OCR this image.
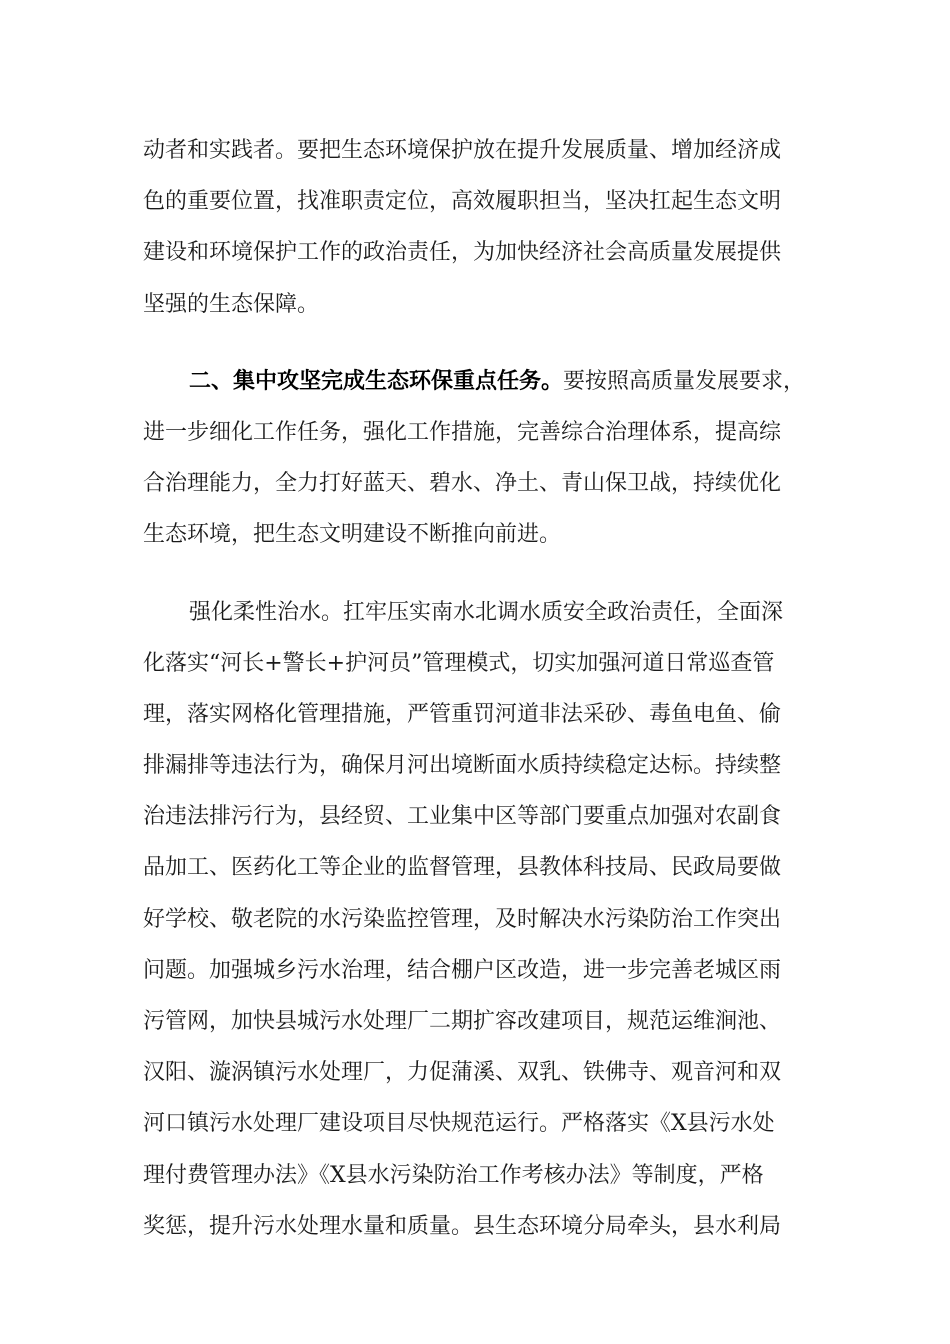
动者和实践者。要把生态环境保护放在提升发展质量、增加经济成
色的重要位置，找准职责定位，高效履职担当，坚决扛起生态文明
建设和环境保护工作的政治责任，为加快经济社会高质量发展提供
坚强的生态保障。
二、集中攻坚完成生态环保重点任务。要按照高质量发展要求，
进一步细化工作任务，强化工作措施，完善综合治理体系，提高综
合治理能力，全力打好蓝天、碧水、净土、青山保卫战，持续优化
生态环境，把生态文明建设不断推向前进。
强化柔性治水。扛牢压实南水北调水质安全政治责任，全面深
化落实“河长+警长+护河员”管理模式，切实加强河道日常巡查管
理，落实网格化管理措施，严管重罚河道非法采砂、毒鱼电鱼、偷
排漏排等违法行为，确保月河出境断面水质持续稳定达标。持续整
治违法排污行为，县经贸、工业集中区等部门要重点加强对农副食
品加工、医药化工等企业的监督管理，县教体科技局、民政局要做
好学校、敬老院的水污染监控管理，及时解决水污染防治工作突出
问题。加强城乡污水治理，结合棚户区改造，进一步完善老城区雨
污管网，加快县城污水处理厂二期扩容改建项目，规范运维涧池、
汉阳、漩涡镇污水处理厂，力促蒲溪、双乳、铁佛寺、观音河和双
河口镇污水处理厂建设项目尽快规范运行。严格落实《X县污水处
理付费管理办法》《X县水污染防治工作考核办法》等制度，严格
奖惩，提升污水处理水量和质量。县生态环境分局牵头，县水利局
